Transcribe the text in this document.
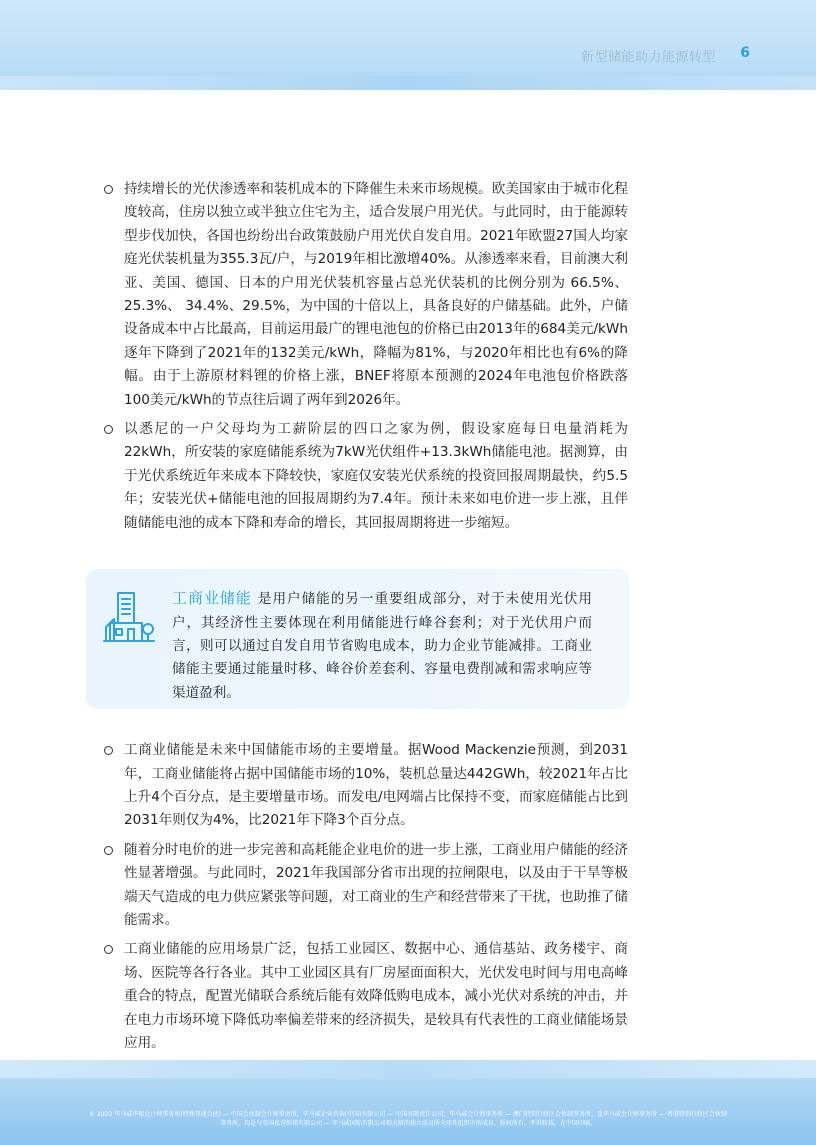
新型储能助力能源转型 6

持续增长的光伏渗透率和装机成本的下降催生未来市场规模。欧美国家由于城市化程度较高，住房以独立或半独立住宅为主，适合发展户用光伏。与此同时，由于能源转型步伐加快，各国也纷纷出台政策鼓励户用光伏自发自用。2021年欧盟27国人均家庭光伏装机量为355.3瓦/户，与2019年相比激增40%。从渗透率来看，目前澳大利亚、美国、德国、日本的户用光伏装机容量占总光伏装机的比例分别为 66.5%、25.3%、 34.4%、29.5%，为中国的十倍以上，具备良好的户储基础。此外，户储设备成本中占比最高，目前运用最广的锂电池包的价格已由2013年的684美元/kWh逐年下降到了2021年的132美元/kWh，降幅为81%，与2020年相比也有6%的降幅。由于上游原材料锂的价格上涨，BNEF将原本预测的2024年电池包价格跌落100美元/kWh的节点往后调了两年到2026年。

以悉尼的一户父母均为工薪阶层的四口之家为例，假设家庭每日电量消耗为22kWh，所安装的家庭储能系统为7kW光伏组件+13.3kWh储能电池。据测算，由于光伏系统近年来成本下降较快，家庭仅安装光伏系统的投资回报周期最快，约5.5年；安装光伏+储能电池的回报周期约为7.4年。预计未来如电价进一步上涨，且伴随储能电池的成本下降和寿命的增长，其回报周期将进一步缩短。

工商业储能 是用户储能的另一重要组成部分，对于未使用光伏用户，其经济性主要体现在利用储能进行峰谷套利；对于光伏用户而言，则可以通过自发自用节省购电成本，助力企业节能减排。工商业储能主要通过能量时移、峰谷价差套利、容量电费削减和需求响应等渠道盈利。

工商业储能是未来中国储能市场的主要增量。据Wood Mackenzie预测，到2031年，工商业储能将占据中国储能市场的10%，装机总量达442GWh，较2021年占比上升4个百分点，是主要增量市场。而发电/电网端占比保持不变，而家庭储能占比到2031年则仅为4%，比2021年下降3个百分点。

随着分时电价的进一步完善和高耗能企业电价的进一步上涨，工商业用户储能的经济性显著增强。与此同时，2021年我国部分省市出现的拉闸限电，以及由于干旱等极端天气造成的电力供应紧张等问题，对工商业的生产和经营带来了干扰，也助推了储能需求。

工商业储能的应用场景广泛，包括工业园区、数据中心、通信基站、政务楼宇、商场、医院等各行各业。其中工业园区具有厂房屋面面积大，光伏发电时间与用电高峰重合的特点，配置光储联合系统后能有效降低购电成本，减小光伏对系统的冲击，并在电力市场环境下降低功率偏差带来的经济损失，是较具有代表性的工商业储能场景应用。

© 2023 毕马威华振会计师事务所(特殊普通合伙) — 中国合伙制会计师事务所，毕马威企业咨询(中国)有限公司 — 中国有限责任公司，毕马威会计师事务所 — 澳门特别行政区合伙制事务所，及毕马威会计师事务所 — 香港特别行政区合伙制事务所，均是与英国私营担保有限公司 — 毕马威国际有限公司相关联的独立成员所全球性组织中的成员。版权所有，不得转载。在中国印刷。
